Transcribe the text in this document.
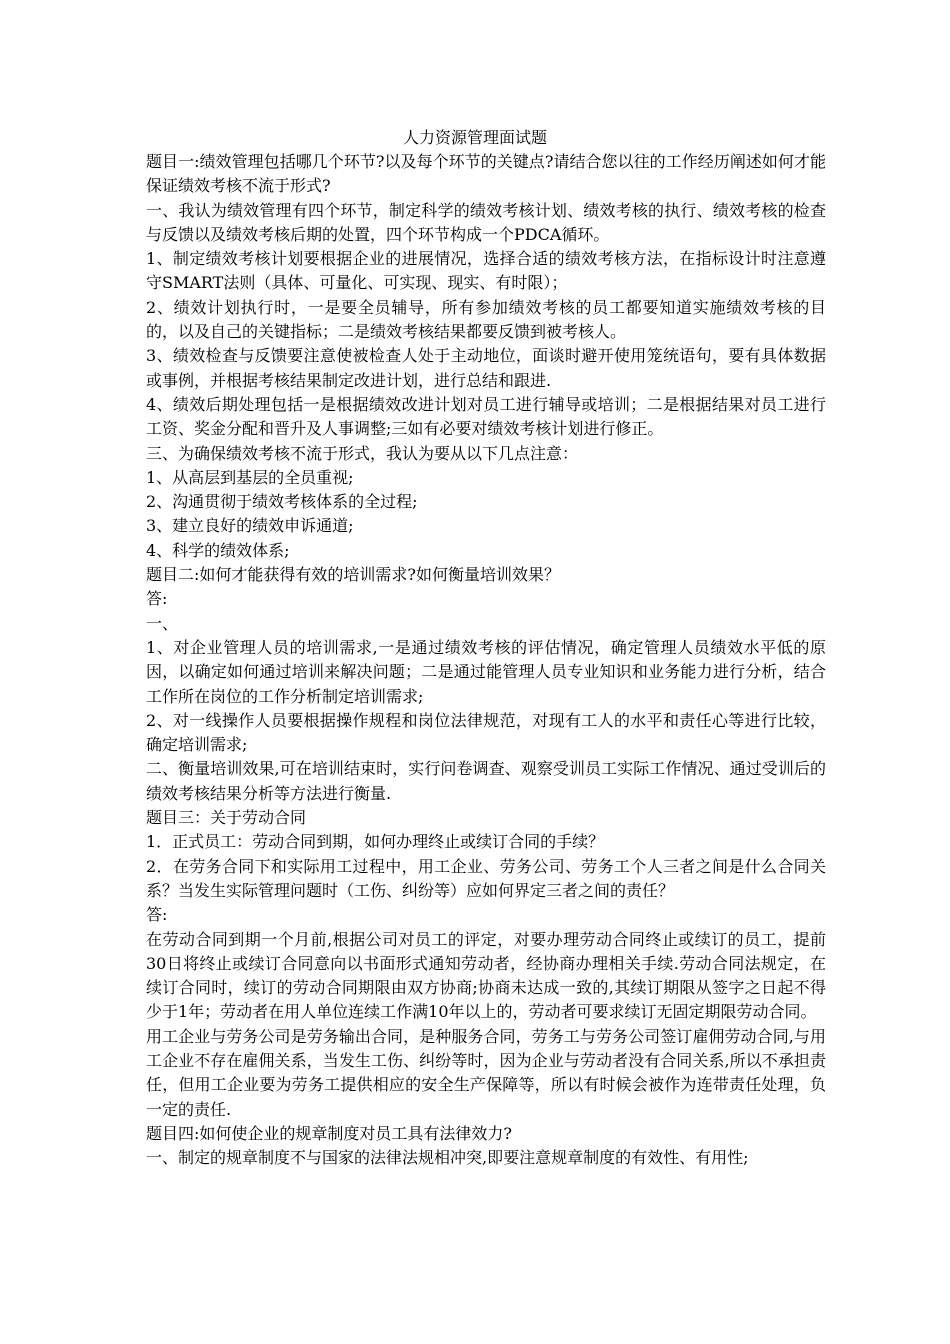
人力资源管理面试题

题目一:绩效管理包括哪几个环节?以及每个环节的关键点?请结合您以往的工作经历阐述如何才能保证绩效考核不流于形式?

一、我认为绩效管理有四个环节，制定科学的绩效考核计划、绩效考核的执行、绩效考核的检查与反馈以及绩效考核后期的处置，四个环节构成一个PDCA循环。

1、制定绩效考核计划要根据企业的进展情况，选择合适的绩效考核方法，在指标设计时注意遵守SMART法则（具体、可量化、可实现、现实、有时限）；

2、绩效计划执行时，一是要全员辅导，所有参加绩效考核的员工都要知道实施绩效考核的目的，以及自己的关键指标；二是绩效考核结果都要反馈到被考核人。

3、绩效检查与反馈要注意使被检查人处于主动地位，面谈时避开使用笼统语句，要有具体数据或事例，并根据考核结果制定改进计划，进行总结和跟进.

4、绩效后期处理包括一是根据绩效改进计划对员工进行辅导或培训；二是根据结果对员工进行工资、奖金分配和晋升及人事调整;三如有必要对绩效考核计划进行修正。

三、为确保绩效考核不流于形式，我认为要从以下几点注意：

1、从高层到基层的全员重视;

2、沟通贯彻于绩效考核体系的全过程;

3、建立良好的绩效申诉通道;

4、科学的绩效体系;

题目二:如何才能获得有效的培训需求?如何衡量培训效果？

答:

一、

1、对企业管理人员的培训需求,一是通过绩效考核的评估情况，确定管理人员绩效水平低的原因，以确定如何通过培训来解决问题；二是通过能管理人员专业知识和业务能力进行分析，结合工作所在岗位的工作分析制定培训需求;

2、对一线操作人员要根据操作规程和岗位法律规范，对现有工人的水平和责任心等进行比较，确定培训需求;

二、衡量培训效果,可在培训结束时，实行问卷调查、观察受训员工实际工作情况、通过受训后的绩效考核结果分析等方法进行衡量.

题目三：关于劳动合同

1．正式员工：劳动合同到期，如何办理终止或续订合同的手续？

2．在劳务合同下和实际用工过程中，用工企业、劳务公司、劳务工个人三者之间是什么合同关系？当发生实际管理问题时（工伤、纠纷等）应如何界定三者之间的责任？

答:

在劳动合同到期一个月前,根据公司对员工的评定，对要办理劳动合同终止或续订的员工，提前30日将终止或续订合同意向以书面形式通知劳动者，经协商办理相关手续.劳动合同法规定，在续订合同时，续订的劳动合同期限由双方协商;协商未达成一致的,其续订期限从签字之日起不得少于1年；劳动者在用人单位连续工作满10年以上的，劳动者可要求续订无固定期限劳动合同。

用工企业与劳务公司是劳务输出合同，是种服务合同，劳务工与劳务公司签订雇佣劳动合同,与用工企业不存在雇佣关系，当发生工伤、纠纷等时，因为企业与劳动者没有合同关系,所以不承担责任，但用工企业要为劳务工提供相应的安全生产保障等，所以有时候会被作为连带责任处理，负一定的责任.

题目四:如何使企业的规章制度对员工具有法律效力?

一、制定的规章制度不与国家的法律法规相冲突,即要注意规章制度的有效性、有用性;
